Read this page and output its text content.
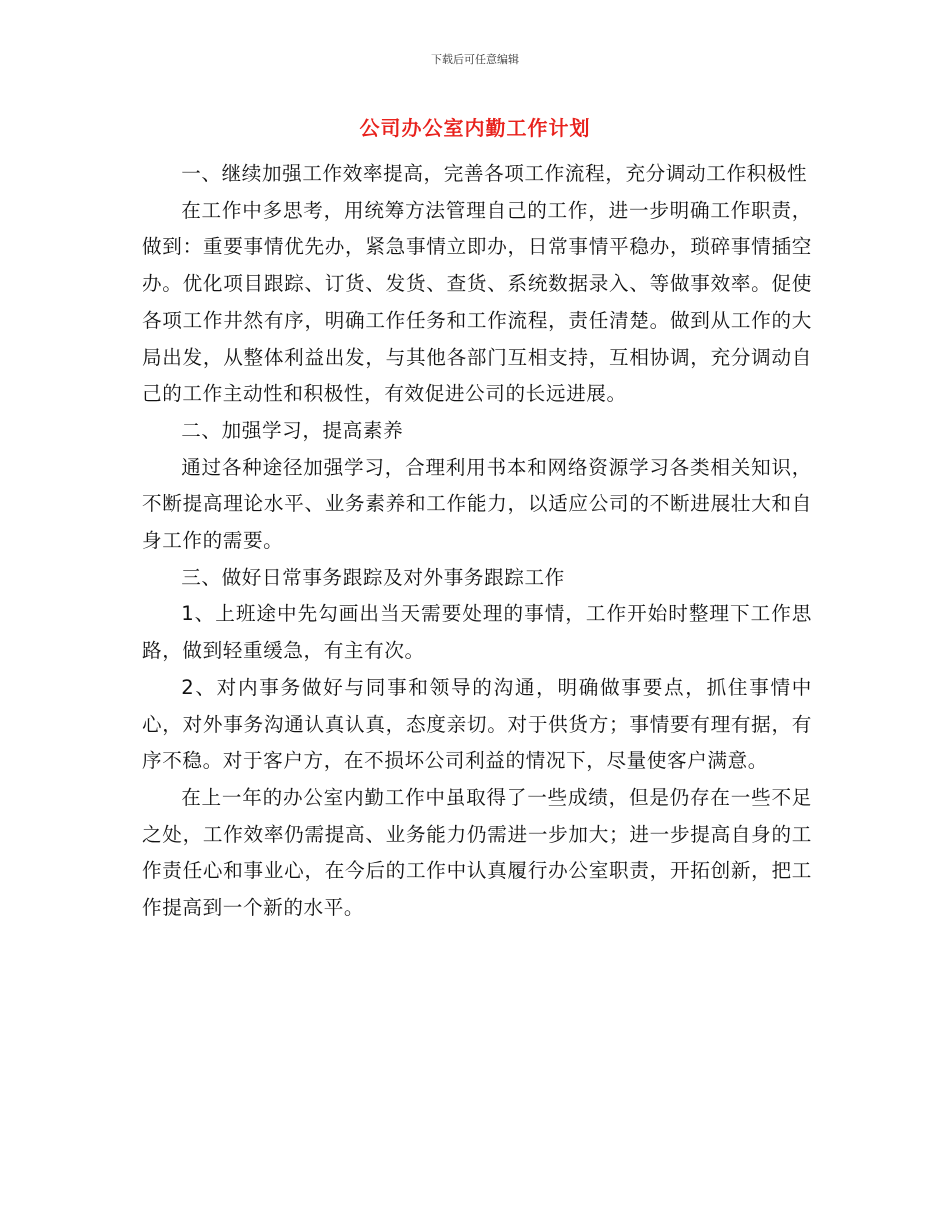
下载后可任意编辑
公司办公室内勤工作计划

一、继续加强工作效率提高，完善各项工作流程，充分调动工作积极性

在工作中多思考，用统筹方法管理自己的工作，进一步明确工作职责，做到：重要事情优先办，紧急事情立即办，日常事情平稳办，琐碎事情插空办。优化项目跟踪、订货、发货、查货、系统数据录入、等做事效率。促使各项工作井然有序，明确工作任务和工作流程，责任清楚。做到从工作的大局出发，从整体利益出发，与其他各部门互相支持，互相协调，充分调动自己的工作主动性和积极性，有效促进公司的长远进展。

二、加强学习，提高素养

通过各种途径加强学习，合理利用书本和网络资源学习各类相关知识，不断提高理论水平、业务素养和工作能力，以适应公司的不断进展壮大和自身工作的需要。

三、做好日常事务跟踪及对外事务跟踪工作

1、上班途中先勾画出当天需要处理的事情，工作开始时整理下工作思路，做到轻重缓急，有主有次。

2、对内事务做好与同事和领导的沟通，明确做事要点，抓住事情中心，对外事务沟通认真认真，态度亲切。对于供货方；事情要有理有据，有序不稳。对于客户方，在不损坏公司利益的情况下，尽量使客户满意。

在上一年的办公室内勤工作中虽取得了一些成绩，但是仍存在一些不足之处，工作效率仍需提高、业务能力仍需进一步加大；进一步提高自身的工作责任心和事业心，在今后的工作中认真履行办公室职责，开拓创新，把工作提高到一个新的水平。
